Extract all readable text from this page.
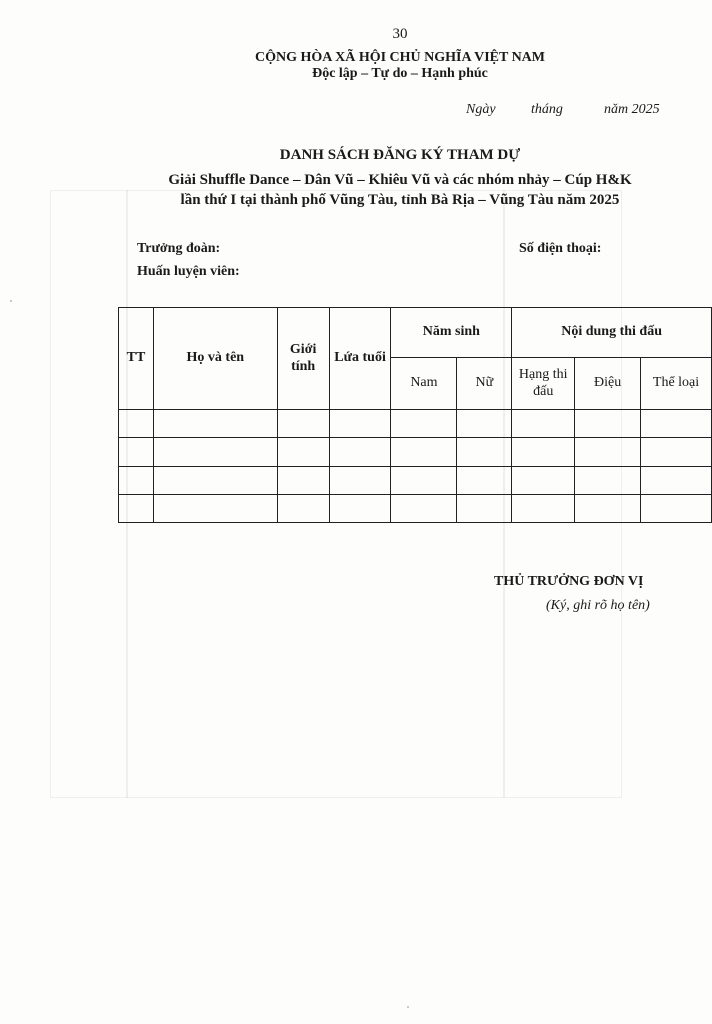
30
CỘNG HÒA XÃ HỘI CHỦ NGHĨA VIỆT NAM
Độc lập – Tự do – Hạnh phúc
Ngày	tháng	năm 2025
DANH SÁCH ĐĂNG KÝ THAM DỰ
Giải Shuffle Dance – Dân Vũ – Khiêu Vũ và các nhóm nhảy – Cúp H&K
lần thứ I tại thành phố Vũng Tàu, tỉnh Bà Rịa – Vũng Tàu năm 2025
Trưởng đoàn:	Số điện thoại:
Huấn luyện viên:
TT	Họ và tên	Giới tính	Lứa tuổi	Năm sinh		Nội dung thi đấu		
				Nam	Nữ	Hạng thi đấu	Điệu	Thể loại

THỦ TRƯỞNG ĐƠN VỊ
(Ký, ghi rõ họ tên)
